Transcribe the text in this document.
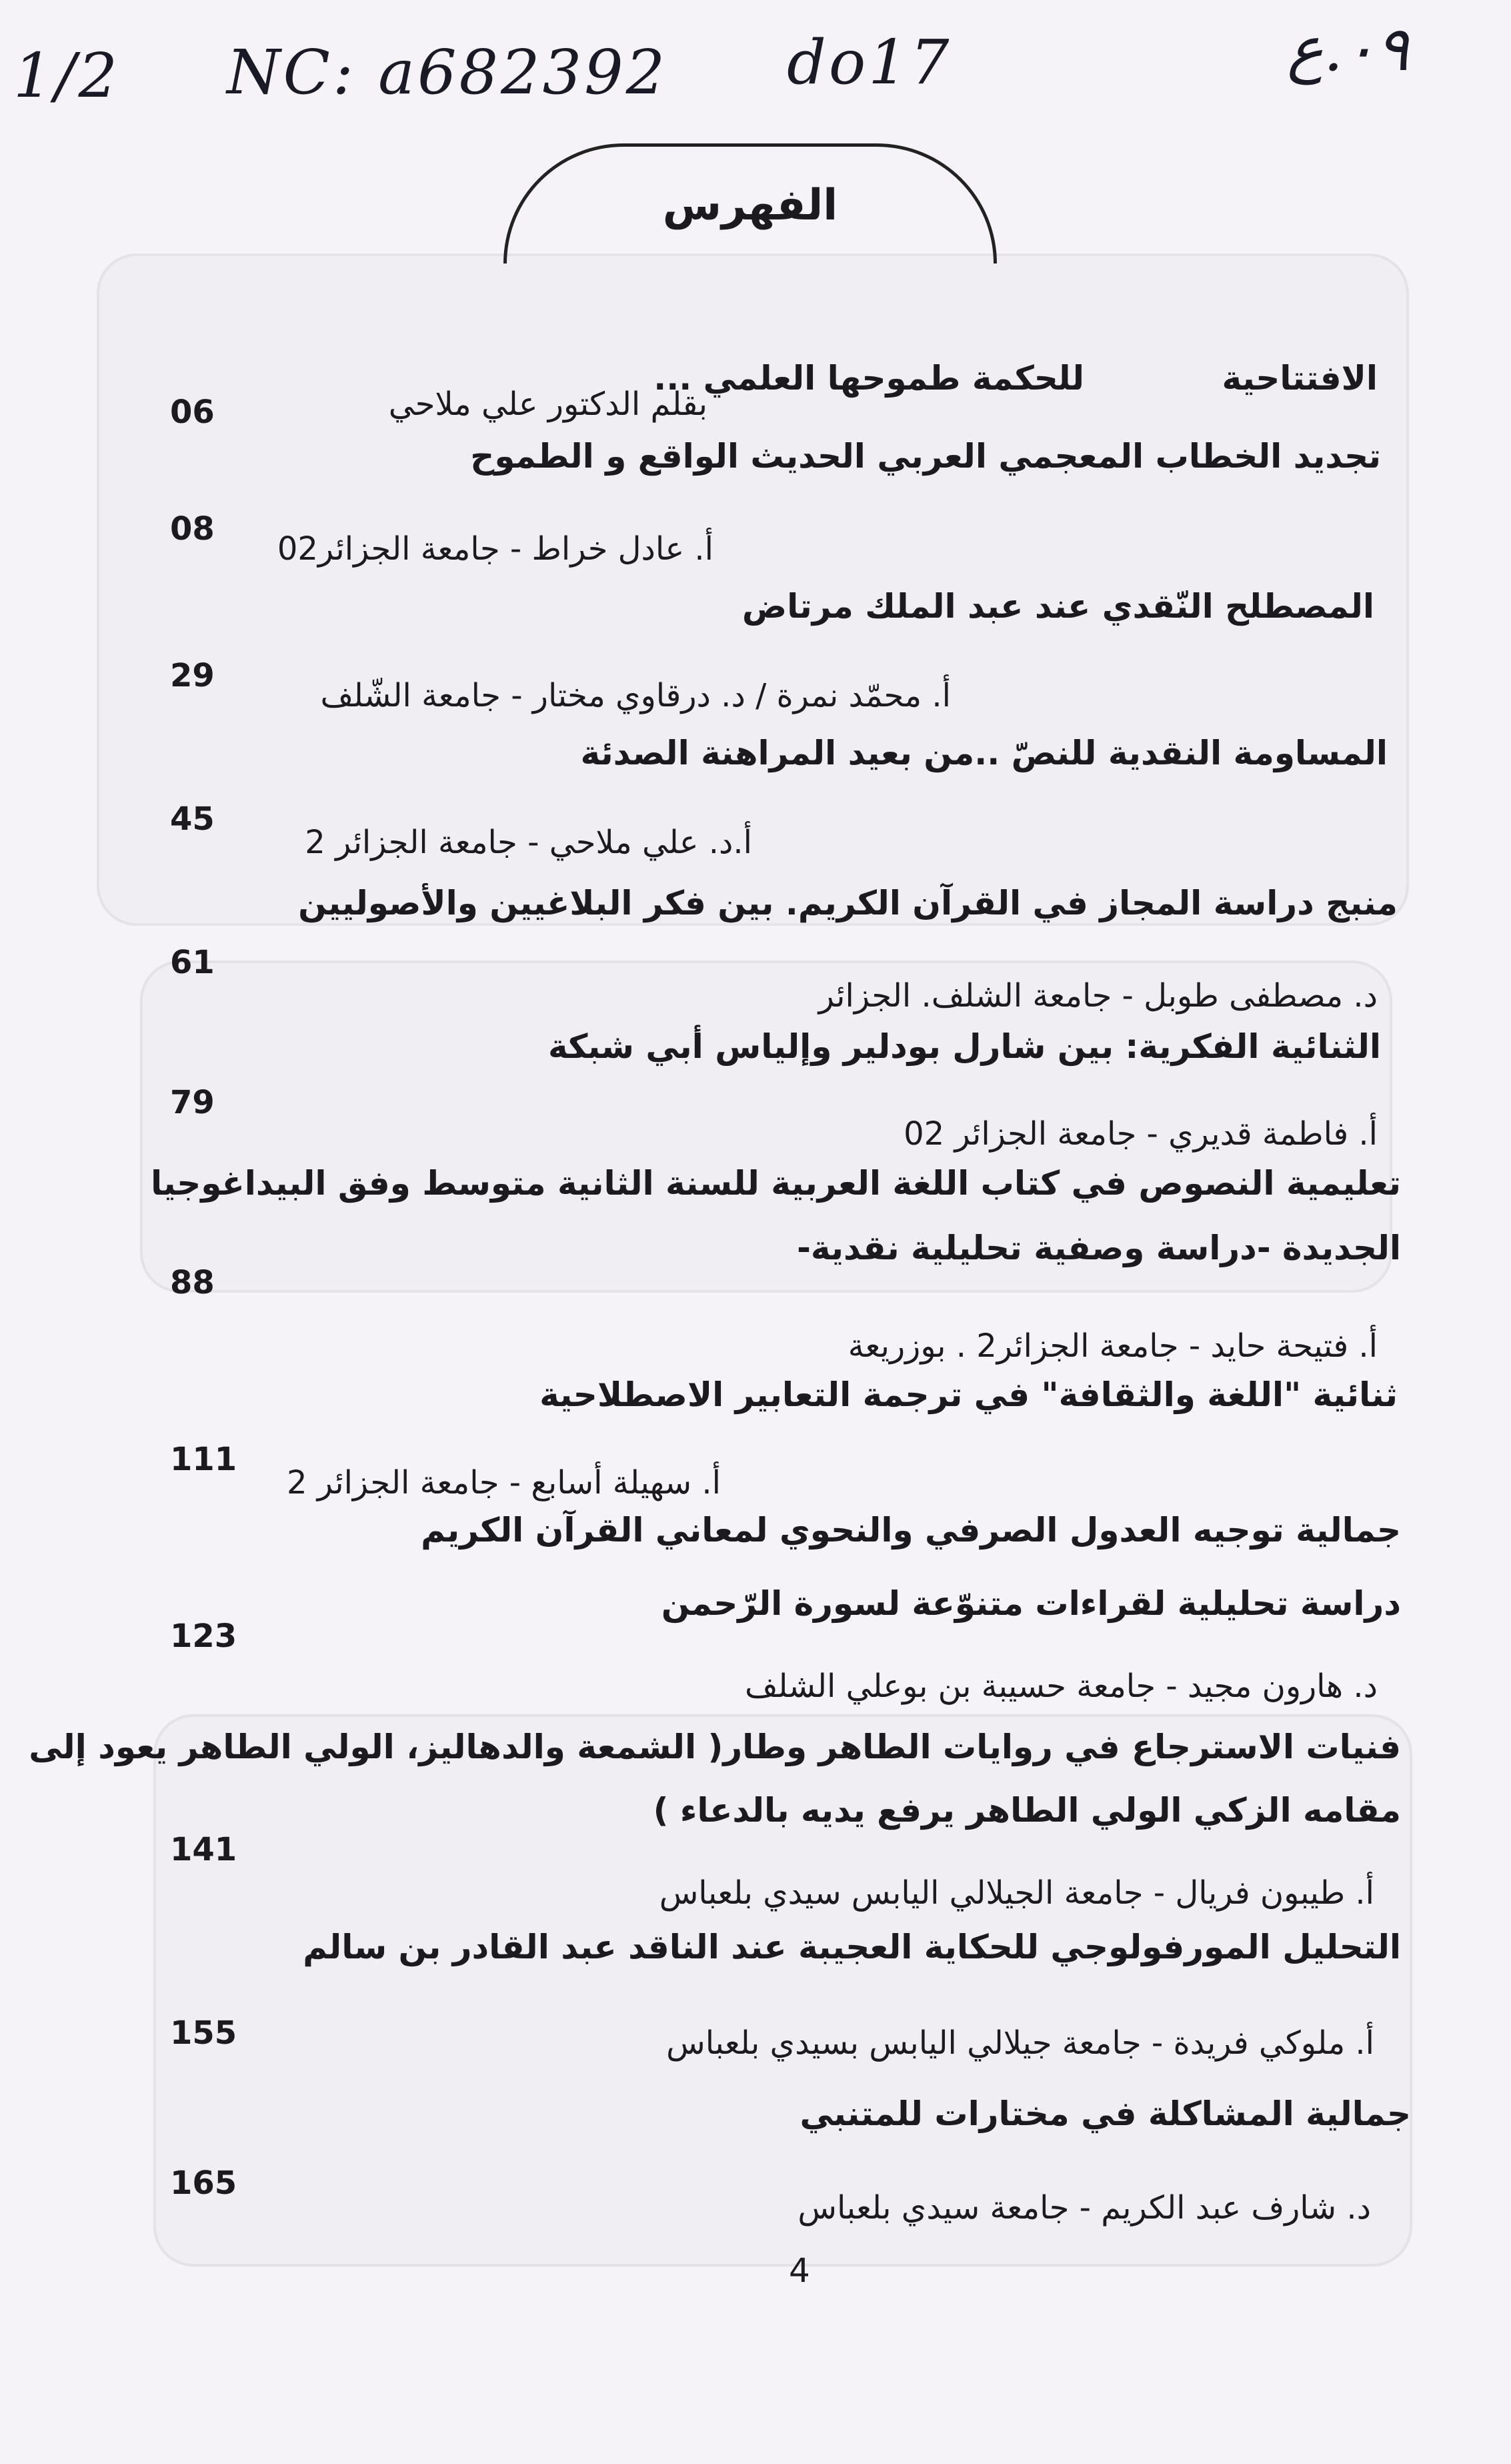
1/2 NC: a682392 do17	٠٩.ع
الفهرس
الافتتاحية
للحكمة طموحها العلمي ...
بقلم الدكتور علي ملاحي
06
تجديد الخطاب المعجمي العربي الحديث الواقع و الطموح
أ. عادل خراط - جامعة الجزائر02
08
المصطلح النّقدي عند عبد الملك مرتاض
أ. محمّد نمرة / د. درقاوي مختار - جامعة الشّلف
29
المساومة النقدية للنصّ ..من بعيد المراهنة الصدئة
أ.د. علي ملاحي - جامعة الجزائر 2
45
منبج دراسة المجاز في القرآن الكريم. بين فكر البلاغيين والأصوليين
د. مصطفى طوبل - جامعة الشلف. الجزائر
61
الثنائية الفكرية: بين شارل بودلير وإلياس أبي شبكة
أ. فاطمة قديري - جامعة الجزائر 02
79
تعليمية النصوص في كتاب اللغة العربية للسنة الثانية متوسط وفق البيداغوجيا
الجديدة -دراسة وصفية تحليلية نقدية-
أ. فتيحة حايد - جامعة الجزائر2 . بوزريعة
88
ثنائية "اللغة والثقافة" في ترجمة التعابير الاصطلاحية
أ. سهيلة أسابع - جامعة الجزائر 2
111
جمالية توجيه العدول الصرفي والنحوي لمعاني القرآن الكريم
دراسة تحليلية لقراءات متنوّعة لسورة الرّحمن
د. هارون مجيد - جامعة حسيبة بن بوعلي الشلف
123
فنيات الاسترجاع في روايات الطاهر وطار( الشمعة والدهاليز، الولي الطاهر يعود إلى
مقامه الزكي الولي الطاهر يرفع يديه بالدعاء )
أ. طيبون فريال - جامعة الجيلالي اليابس سيدي بلعباس
141
التحليل المورفولوجي للحكاية العجيبة عند الناقد عبد القادر بن سالم
أ. ملوكي فريدة - جامعة جيلالي اليابس بسيدي بلعباس
155
جمالية المشاكلة في مختارات للمتنبي
د. شارف عبد الكريم - جامعة سيدي بلعباس
165
4
